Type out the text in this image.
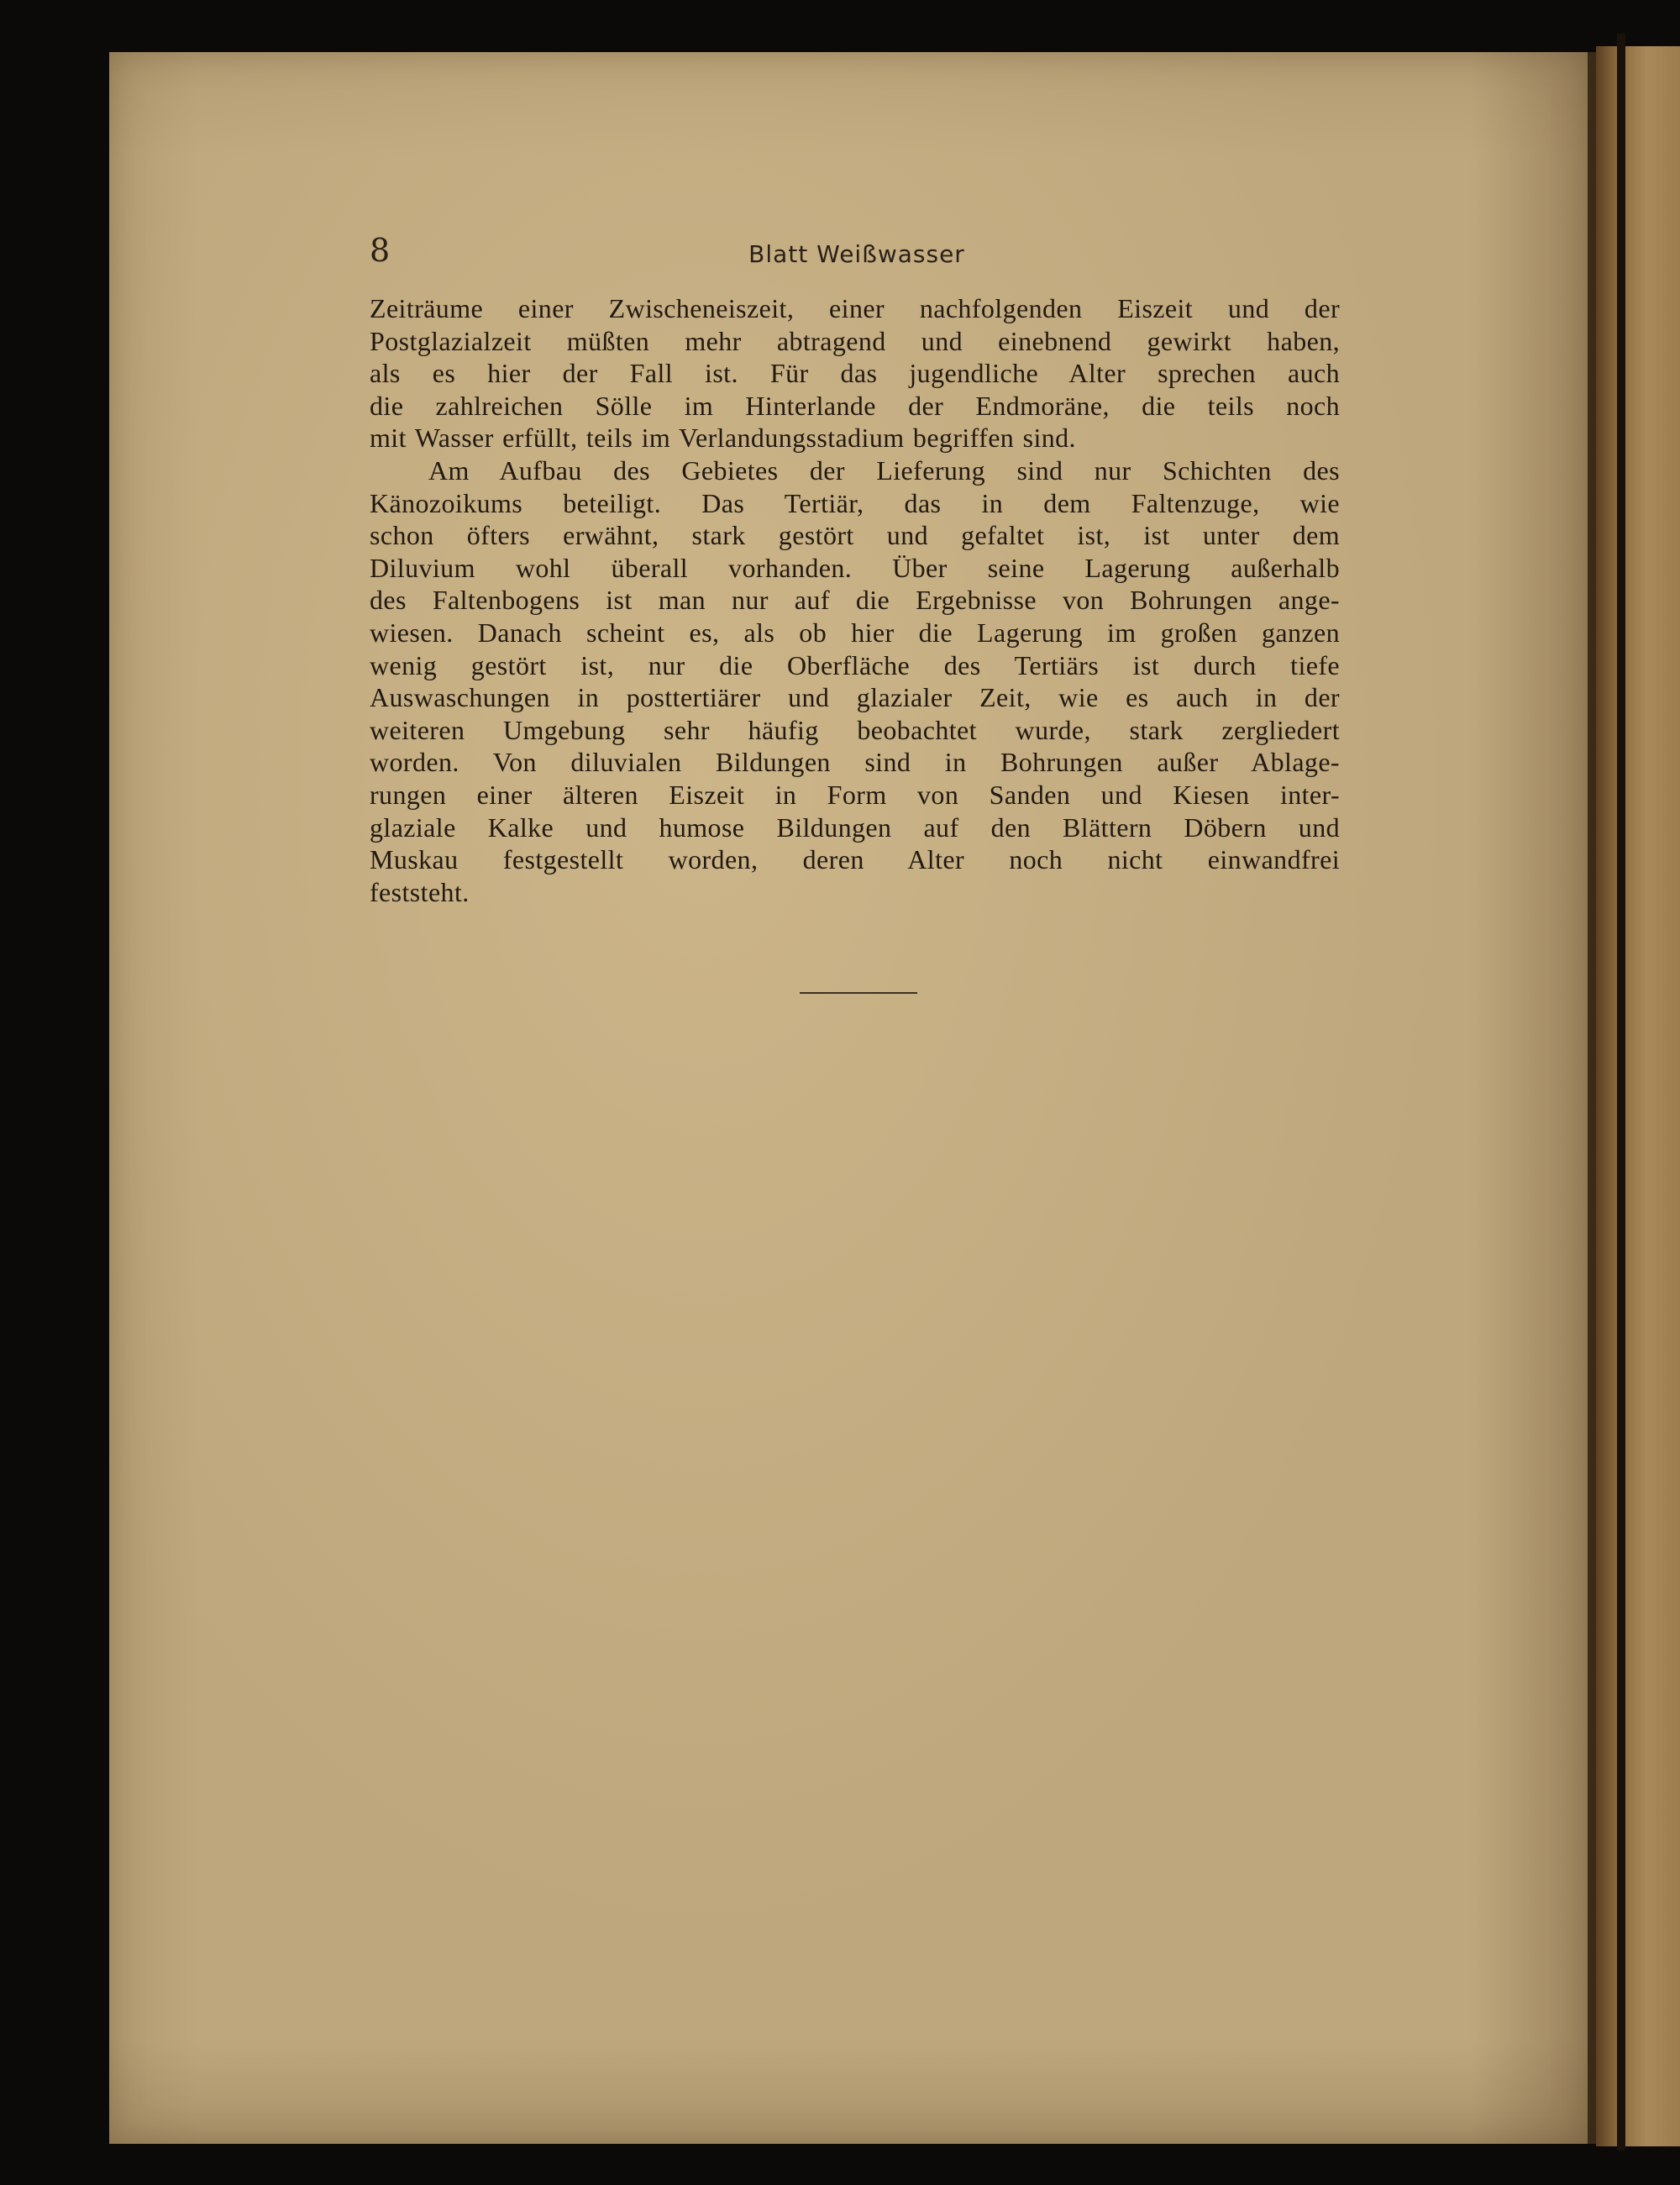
8	Blatt Weißwasser
Zeiträume einer Zwischeneiszeit, einer nachfolgenden Eiszeit und der
Postglazialzeit müßten mehr abtragend und einebnend gewirkt haben,
als es hier der Fall ist. Für das jugendliche Alter sprechen auch
die zahlreichen Sölle im Hinterlande der Endmoräne, die teils noch
mit Wasser erfüllt, teils im Verlandungsstadium begriffen sind.
Am Aufbau des Gebietes der Lieferung sind nur Schichten des
Känozoikums beteiligt. Das Tertiär, das in dem Faltenzuge, wie
schon öfters erwähnt, stark gestört und gefaltet ist, ist unter dem
Diluvium wohl überall vorhanden. Über seine Lagerung außerhalb
des Faltenbogens ist man nur auf die Ergebnisse von Bohrungen ange-
wiesen. Danach scheint es, als ob hier die Lagerung im großen ganzen
wenig gestört ist, nur die Oberfläche des Tertiärs ist durch tiefe
Auswaschungen in posttertiärer und glazialer Zeit, wie es auch in der
weiteren Umgebung sehr häufig beobachtet wurde, stark zergliedert
worden. Von diluvialen Bildungen sind in Bohrungen außer Ablage-
rungen einer älteren Eiszeit in Form von Sanden und Kiesen inter-
glaziale Kalke und humose Bildungen auf den Blättern Döbern und
Muskau festgestellt worden, deren Alter noch nicht einwandfrei
feststeht.
